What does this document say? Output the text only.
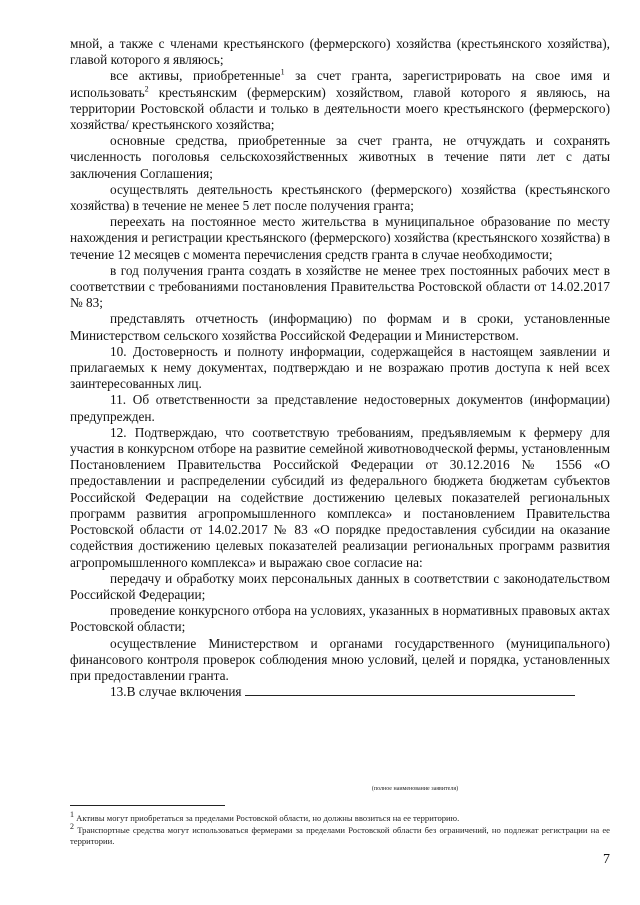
мной, а также с членами крестьянского (фермерского) хозяйства (крестьянского хозяйства), главой которого я являюсь;

все активы, приобретенные$^1$ за счет гранта, зарегистрировать на свое имя и использовать$^2$ крестьянским (фермерским) хозяйством, главой которого я являюсь, на территории Ростовской области и только в деятельности моего крестьянского (фермерского) хозяйства/ крестьянского хозяйства;

основные средства, приобретенные за счет гранта, не отчуждать и сохранять численность поголовья сельскохозяйственных животных в течение пяти лет с даты заключения Соглашения;

осуществлять деятельность крестьянского (фермерского) хозяйства (крестьянского хозяйства) в течение не менее 5 лет после получения гранта;

переехать на постоянное место жительства в муниципальное образование по месту нахождения и регистрации крестьянского (фермерского) хозяйства (крестьянского хозяйства) в течение 12 месяцев с момента перечисления средств гранта в случае необходимости;

в год получения гранта создать в хозяйстве не менее трех постоянных рабочих мест в соответствии с требованиями постановления Правительства Ростовской области от 14.02.2017 № 83;

представлять отчетность (информацию) по формам и в сроки, установленные Министерством сельского хозяйства Российской Федерации и Министерством.

10. Достоверность и полноту информации, содержащейся в настоящем заявлении и прилагаемых к нему документах, подтверждаю и не возражаю против доступа к ней всех заинтересованных лиц.

11. Об ответственности за представление недостоверных документов (информации) предупрежден.

12. Подтверждаю, что соответствую требованиям, предъявляемым к фермеру для участия в конкурсном отборе на развитие семейной животноводческой фермы, установленным Постановлением Правительства Российской Федерации от 30.12.2016 № 1556 «О предоставлении и распределении субсидий из федерального бюджета бюджетам субъектов Российской Федерации на содействие достижению целевых показателей региональных программ развития агропромышленного комплекса» и постановлением Правительства Ростовской области от 14.02.2017 № 83 «О порядке предоставления субсидии на оказание содействия достижению целевых показателей реализации региональных программ развития агропромышленного комплекса» и выражаю свое согласие на:

передачу и обработку моих персональных данных в соответствии с законодательством Российской Федерации;

проведение конкурсного отбора на условиях, указанных в нормативных правовых актах Ростовской области;

осуществление Министерством и органами государственного (муниципального) финансового контроля проверок соблюдения мною условий, целей и порядка, установленных при предоставлении гранта.

13.В случае включения

(полное наименование заявителя)

$^1$ Активы могут приобретаться за пределами Ростовской области, но должны ввозиться на ее территорию.

$^2$ Транспортные средства могут использоваться фермерами за пределами Ростовской области без ограничений, но подлежат регистрации на ее территории.

7
